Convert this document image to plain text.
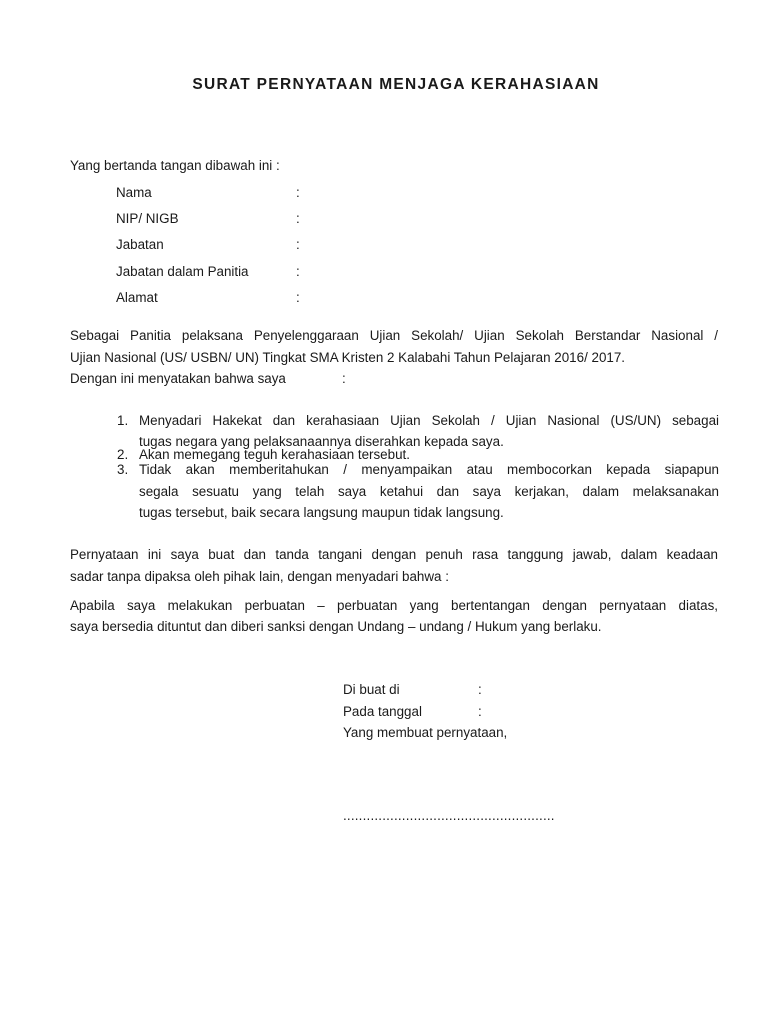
SURAT PERNYATAAN MENJAGA KERAHASIAAN
Yang bertanda tangan dibawah ini :
Nama	:
NIP/ NIGB	:
Jabatan	:
Jabatan dalam Panitia	:
Alamat	:
Sebagai Panitia pelaksana Penyelenggaraan Ujian Sekolah/ Ujian Sekolah Berstandar Nasional /
Ujian Nasional (US/ USBN/ UN) Tingkat SMA Kristen 2 Kalabahi Tahun Pelajaran 2016/ 2017.
Dengan ini menyatakan bahwa saya	:
1. Menyadari Hakekat dan kerahasiaan Ujian Sekolah / Ujian Nasional (US/UN) sebagai
tugas negara yang pelaksanaannya diserahkan kepada saya.
2. Akan memegang teguh kerahasiaan tersebut.
3. Tidak akan memberitahukan / menyampaikan atau membocorkan kepada siapapun
segala sesuatu yang telah saya ketahui dan saya kerjakan, dalam melaksanakan
tugas tersebut, baik secara langsung maupun tidak langsung.
Pernyataan ini saya buat dan tanda tangani dengan penuh rasa tanggung jawab, dalam keadaan
sadar tanpa dipaksa oleh pihak lain, dengan menyadari bahwa :
Apabila saya melakukan perbuatan – perbuatan yang bertentangan dengan pernyataan diatas,
saya bersedia dituntut dan diberi sanksi dengan Undang – undang / Hukum yang berlaku.
Di buat di	:
Pada tanggal	:
Yang membuat pernyataan,
......................................................
